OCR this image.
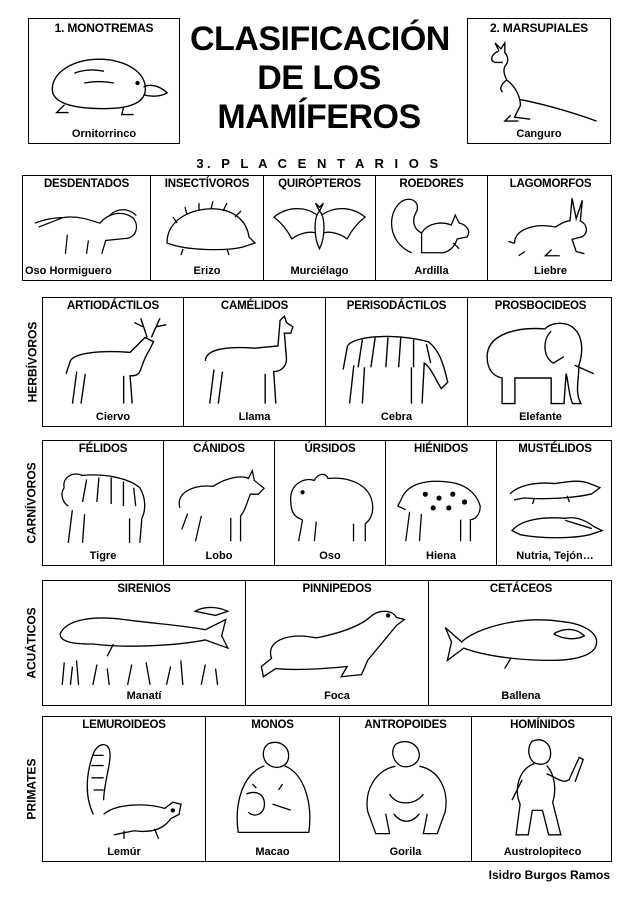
CLASIFICACIÓN
DE LOS
MAMÍFEROS
1. MONOTREMAS
Ornitorrinco
2. MARSUPIALES
Canguro
3. P L A C E N T A R I O S
DESDENTADOS
Oso Hormiguero
INSECTÍVOROS
Erizo
QUIRÓPTEROS
Murciélago
ROEDORES
Ardilla
LAGOMORFOS
Liebre
HERBÍVOROS
ARTIODÁCTILOS
Ciervo
CAMÉLIDOS
Llama
PERISODÁCTILOS
Cebra
PROSBOCIDEOS
Elefante
CARNÍVOROS
FÉLIDOS
Tigre
CÁNIDOS
Lobo
ÚRSIDOS
Oso
HIÉNIDOS
Hiena
MUSTÉLIDOS
Nutria, Tejón…
ACUÁTICOS
SIRENIOS
Manatí
PINNIPEDOS
Foca
CETÁCEOS
Ballena
PRIMATES
LEMUROIDEOS
Lemúr
MONOS
Macao
ANTROPOIDES
Gorila
HOMÍNIDOS
Austrolopiteco
Isidro Burgos Ramos
